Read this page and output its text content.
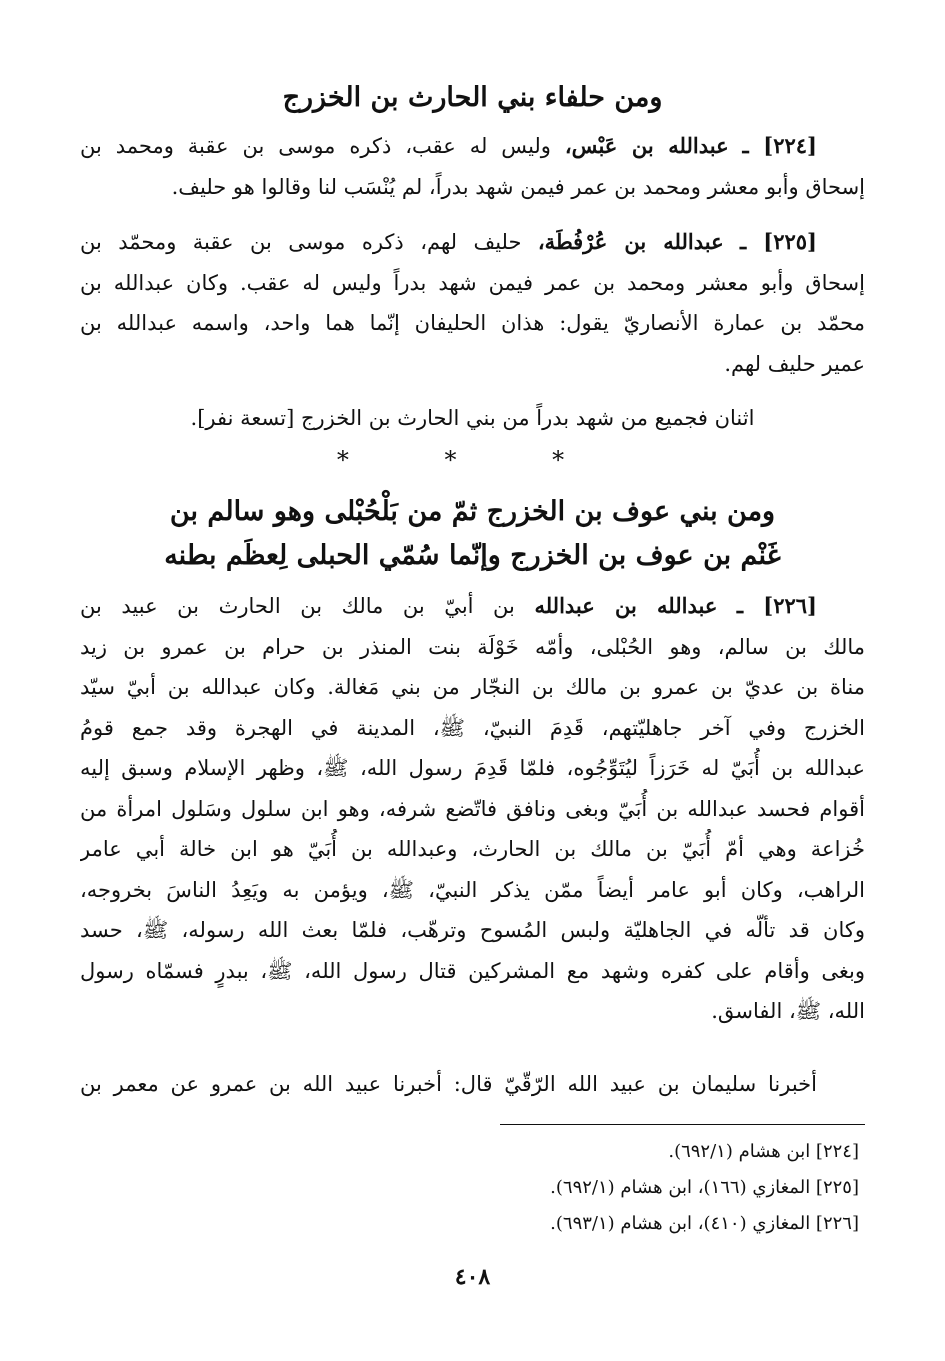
ومن حلفاء بني الحارث بن الخزرج
[٢٢٤] ـ عبدالله بن عَبْس، وليس له عقب، ذكره موسى بن عقبة ومحمد بن
إسحاق وأبو معشر ومحمد بن عمر فيمن شهد بدراً، لم يُنْسَب لنا وقالوا هو حليف.
[٢٢٥] ـ عبدالله بن عُرْفُطَة، حليف لهم، ذكره موسى بن عقبة ومحمّد بن
إسحاق وأبو معشر ومحمد بن عمر فيمن شهد بدراً وليس له عقب. وكان عبدالله بن
محمّد بن عمارة الأنصاريّ يقول: هذان الحليفان إنّما هما واحد، واسمه عبدالله بن
عمير حليف لهم.
اثنان فجميع من شهد بدراً من بني الحارث بن الخزرج [تسعة نفر].
* * *
ومن بني عوف بن الخزرج ثمّ من بَلْحُبْلى وهو سالم بن
غَنْم بن عوف بن الخزرج وإنّما سُمّي الحبلى لِعظَم بطنه
[٢٢٦] ـ عبدالله بن عبدالله بن أبيّ بن مالك بن الحارث بن عبيد بن
مالك بن سالم، وهو الحُبْلى، وأمّه خَوْلَة بنت المنذر بن حرام بن عمرو بن زيد
مناة بن عديّ بن عمرو بن مالك بن النجّار من بني مَغالة. وكان عبدالله بن أبيّ سيّد
الخزرج وفي آخر جاهليّتهم، قَدِمَ النبيّ، ﷺ، المدينة في الهجرة وقد جمع قومُ
عبدالله بن أُبَيّ له خَرَزاً ليُتَوِّجُوه، فلمّا قَدِمَ رسول الله، ﷺ، وظهر الإسلام وسبق إليه
أقوام فحسد عبدالله بن أُبَيّ وبغى ونافق فاتّضع شرفه، وهو ابن سلول وسَلول امرأة من
خُزاعة وهي أمّ أُبَيّ بن مالك بن الحارث، وعبدالله بن أُبَيّ هو ابن خالة أبي عامر
الراهب، وكان أبو عامر أيضاً ممّن يذكر النبيّ، ﷺ، ويؤمن به ويَعِدُ الناسَ بخروجه،
وكان قد تألّه في الجاهليّة ولبس المُسوح وترهّب، فلمّا بعث الله رسوله، ﷺ، حسد
وبغى وأقام على كفره وشهد مع المشركين قتال رسول الله، ﷺ، ببدرٍ فسمّاه رسول
الله، ﷺ، الفاسق.
أخبرنا سليمان بن عبيد الله الرّقّيّ قال: أخبرنا عبيد الله بن عمرو عن معمر بن
[٢٢٤] ابن هشام (٦٩٢/١).
[٢٢٥] المغازي (١٦٦)، ابن هشام (٦٩٢/١).
[٢٢٦] المغازي (٤١٠)، ابن هشام (٦٩٣/١).
٤٠٨
